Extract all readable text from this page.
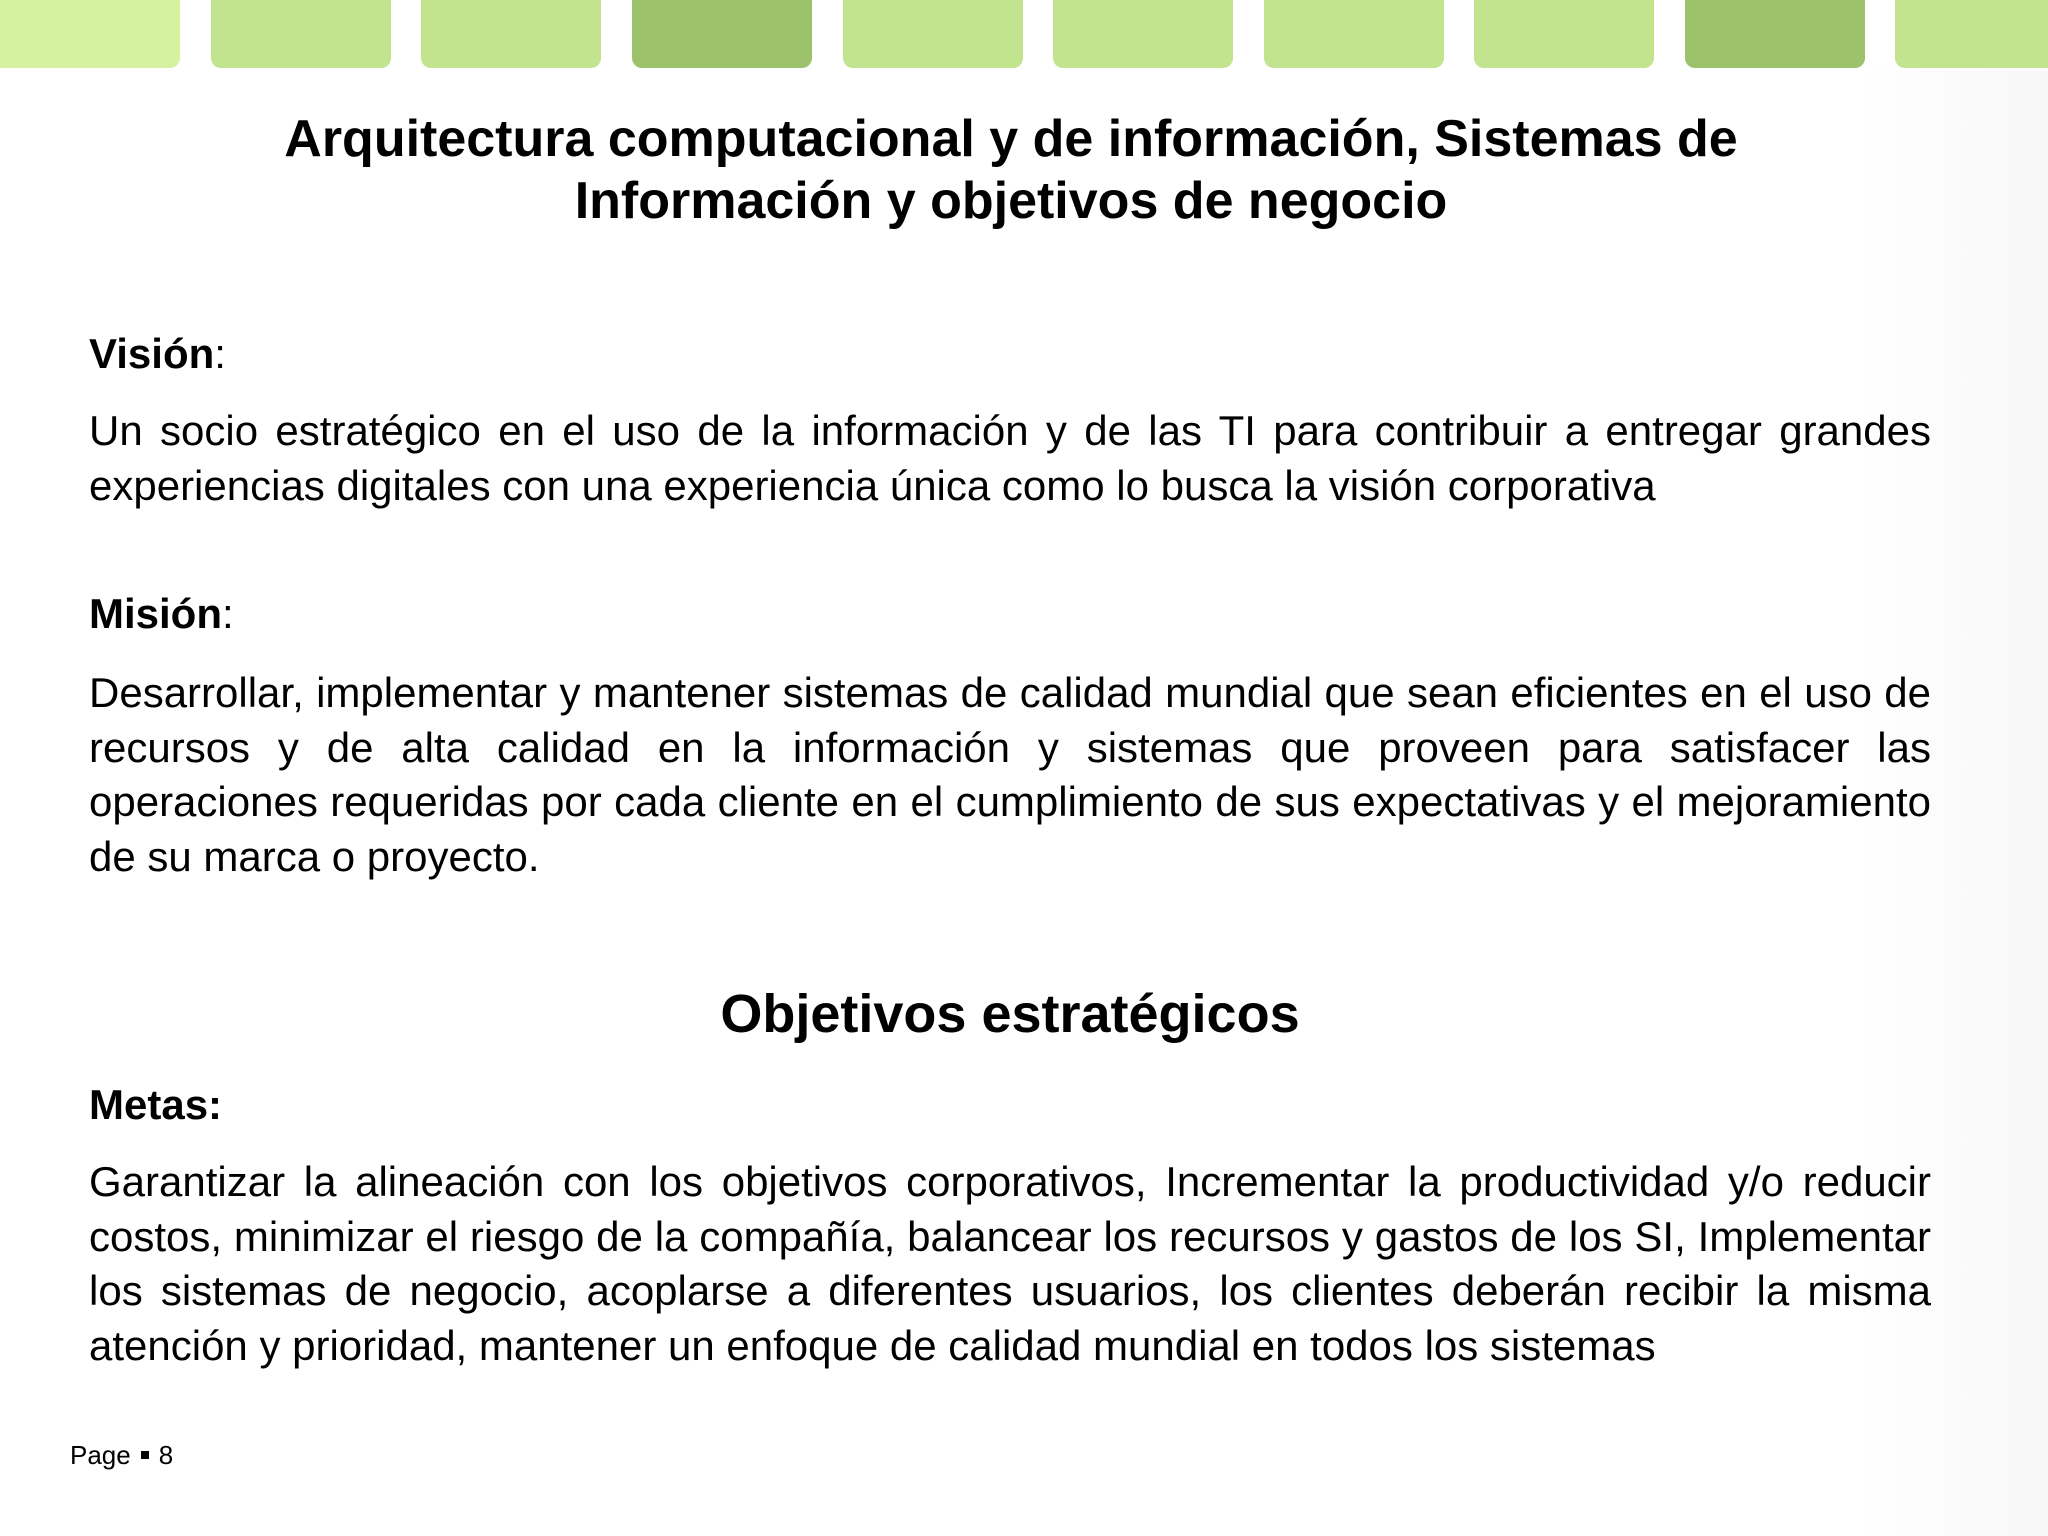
Arquitectura computacional y de información, Sistemas de
Información y objetivos de negocio

Visión:

Un socio estratégico en el uso de la información y de las TI para contribuir a entregar grandes experiencias digitales con una experiencia única como lo busca la visión corporativa

Misión:

Desarrollar, implementar y mantener sistemas de calidad mundial que sean eficientes en el uso de recursos y de alta calidad en la información y sistemas que proveen para satisfacer las operaciones requeridas por cada cliente en el cumplimiento de sus expectativas y el mejoramiento de su marca o proyecto.

Objetivos estratégicos

Metas:

Garantizar la alineación con los objetivos corporativos, Incrementar la productividad y/o reducir costos, minimizar el riesgo de la compañía, balancear los recursos y gastos de los SI, Implementar los sistemas de negocio, acoplarse a diferentes usuarios, los clientes deberán recibir la misma atención y prioridad, mantener un enfoque de calidad mundial en todos los sistemas

Page 8
